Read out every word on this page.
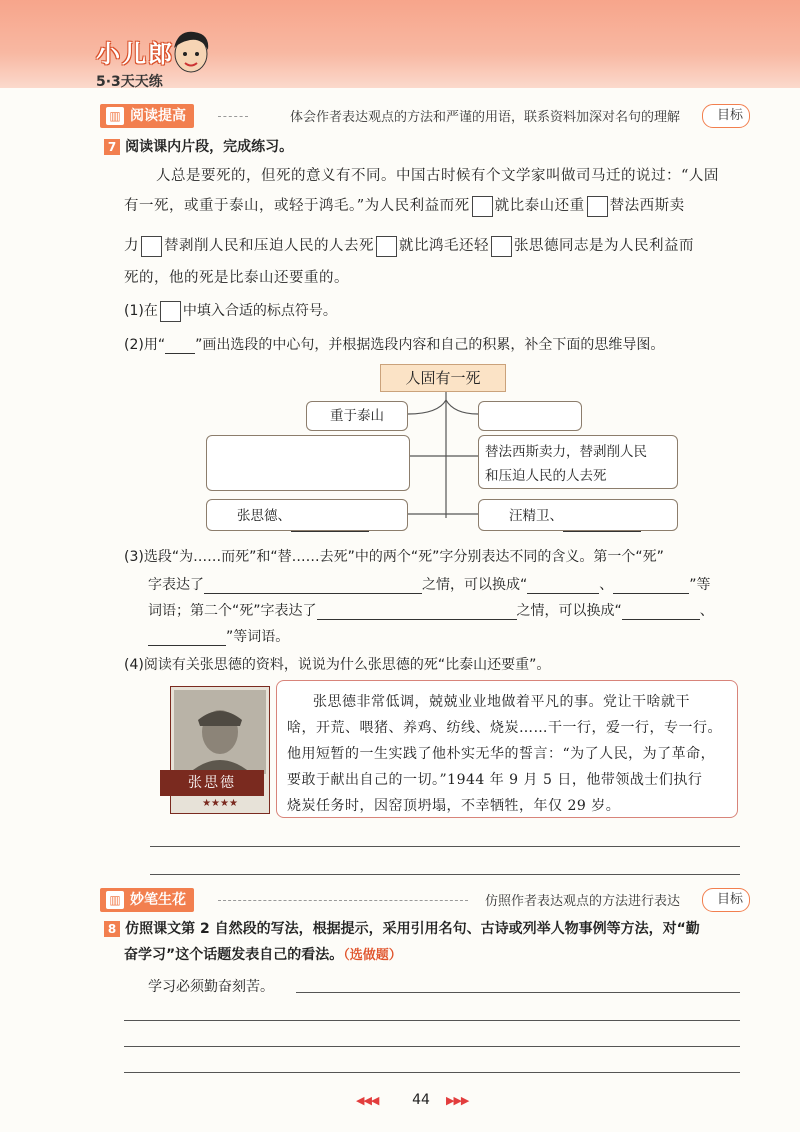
小儿郎
5·3天天练
▥ 阅读提高	体会作者表达观点的方法和严谨的用语，联系资料加深对名句的理解	目标
7 阅读课内片段，完成练习。
人总是要死的，但死的意义有不同。中国古时候有个文学家叫做司马迁的说过：“人固
有一死，或重于泰山，或轻于鸿毛。”为人民利益而死 就比泰山还重 替法西斯卖
力 替剥削人民和压迫人民的人去死 就比鸿毛还轻 张思德同志是为人民利益而
死的，他的死是比泰山还要重的。
(1)在 中填入合适的标点符号。
(2)用“ ”画出选段的中心句，并根据选段内容和自己的积累，补全下面的思维导图。
人固有一死
重于泰山
替法西斯卖力，替剥削人民
和压迫人民的人去死
张思德、	汪精卫、
(3)选段“为……而死”和“替……去死”中的两个“死”字分别表达不同的含义。第一个“死”
字表达了	之情，可以换成“	、	”等
词语；第二个“死”字表达了	之情，可以换成“	、
”等词语。
(4)阅读有关张思德的资料，说说为什么张思德的死“比泰山还要重”。
★★★★
张思德
张思德非常低调，兢兢业业地做着平凡的事。党让干啥就干
啥，开荒、喂猪、养鸡、纺线、烧炭……干一行，爱一行，专一行。
他用短暂的一生实践了他朴实无华的誓言：“为了人民，为了革命，
要敢于献出自己的一切。”1944 年 9 月 5 日，他带领战士们执行
烧炭任务时，因窑顶坍塌，不幸牺牲，年仅 29 岁。
▥ 妙笔生花	仿照作者表达观点的方法进行表达	目标
8 仿照课文第 2 自然段的写法，根据提示，采用引用名句、古诗或列举人物事例等方法，对“勤
奋学习”这个话题发表自己的看法。（选做题）
学习必须勤奋刻苦。
◀◀◀	44	▶▶▶
